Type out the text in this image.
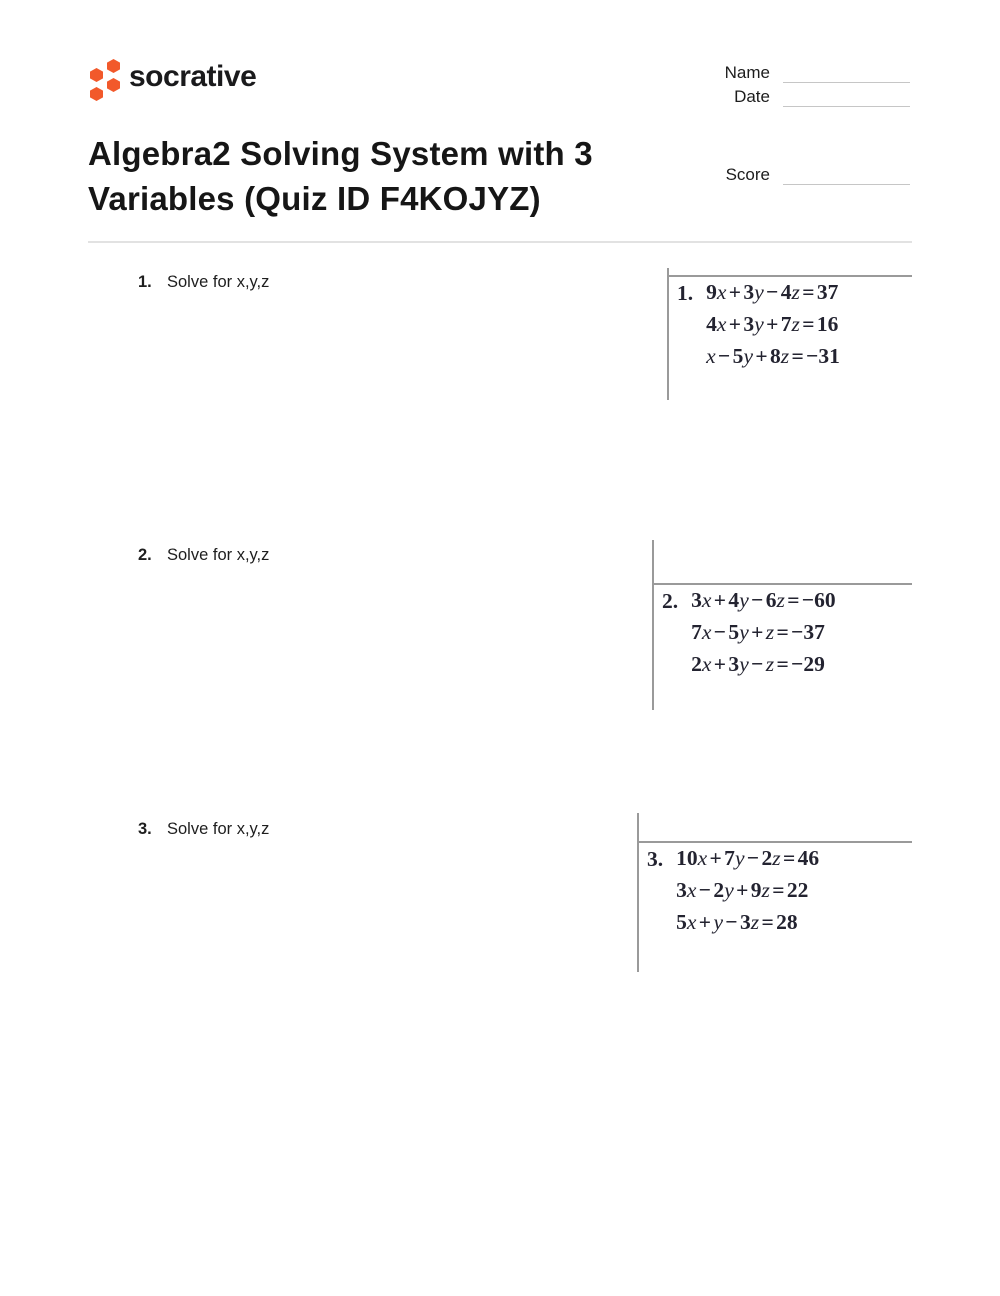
socrative	Name
Date
Score
Algebra2 Solving System with 3 Variables (Quiz ID F4KOJYZ)
1. Solve for x,y,z	1. 9x + 3y − 4z = 37
4x + 3y + 7z = 16
x − 5y + 8z = −31
2. Solve for x,y,z
2. 3x + 4y − 6z = −60
7x − 5y + z = −37
2x + 3y − z = −29
3. Solve for x,y,z
3. 10x + 7y − 2z = 46
3x − 2y + 9z = 22
5x + y − 3z = 28
